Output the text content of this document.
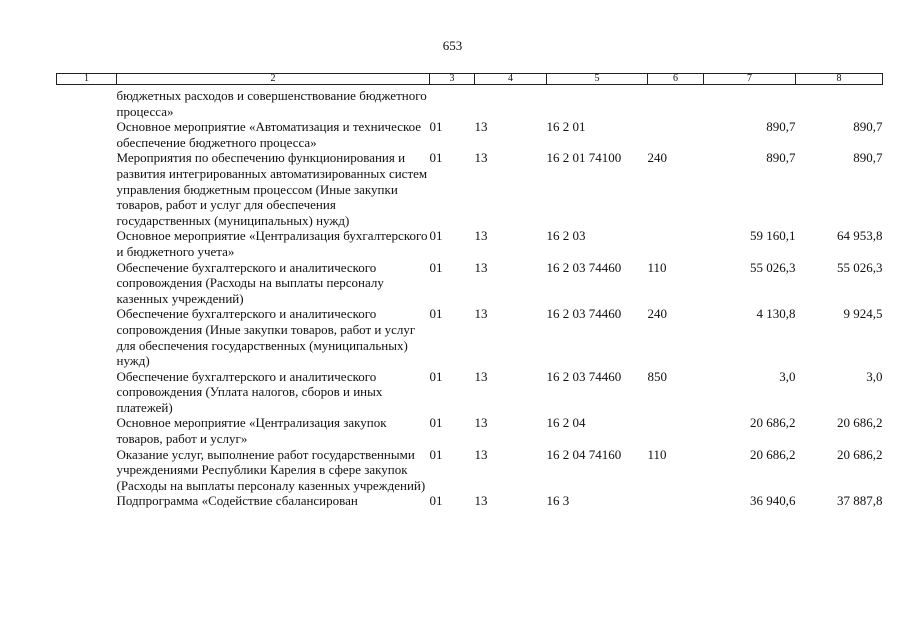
653
1	2	3	4	5	6	7	8
	бюджетных расходов и совершенствование бюджетного процесса»						
	Основное мероприятие «Автоматизация и техническое обеспечение бюджетного процесса»	01	13	16 2 01		890,7	890,7
	Мероприятия по обеспечению функционирования и развития интегрированных автоматизированных систем управления бюджетным процессом (Иные закупки товаров, работ и услуг для обеспечения государственных (муниципальных) нужд)	01	13	16 2 01 74100	240	890,7	890,7
	Основное мероприятие «Централизация бухгалтерского и бюджетного учета»	01	13	16 2 03		59 160,1	64 953,8
	Обеспечение бухгалтерского и аналитического сопровождения (Расходы на выплаты персоналу казенных учреждений)	01	13	16 2 03 74460	110	55 026,3	55 026,3
	Обеспечение бухгалтерского и аналитического сопровождения (Иные закупки товаров, работ и услуг для обеспечения государственных (муниципальных) нужд)	01	13	16 2 03 74460	240	4 130,8	9 924,5
	Обеспечение бухгалтерского и аналитического сопровождения (Уплата налогов, сборов и иных платежей)	01	13	16 2 03 74460	850	3,0	3,0
	Основное мероприятие «Централизация закупок товаров, работ и услуг»	01	13	16 2 04		20 686,2	20 686,2
	Оказание услуг, выполнение работ государственными учреждениями Республики Карелия в сфере закупок (Расходы на выплаты персоналу казенных учреждений)	01	13	16 2 04 74160	110	20 686,2	20 686,2
	Подпрограмма «Содействие сбалансирован	01	13	16 3		36 940,6	37 887,8
